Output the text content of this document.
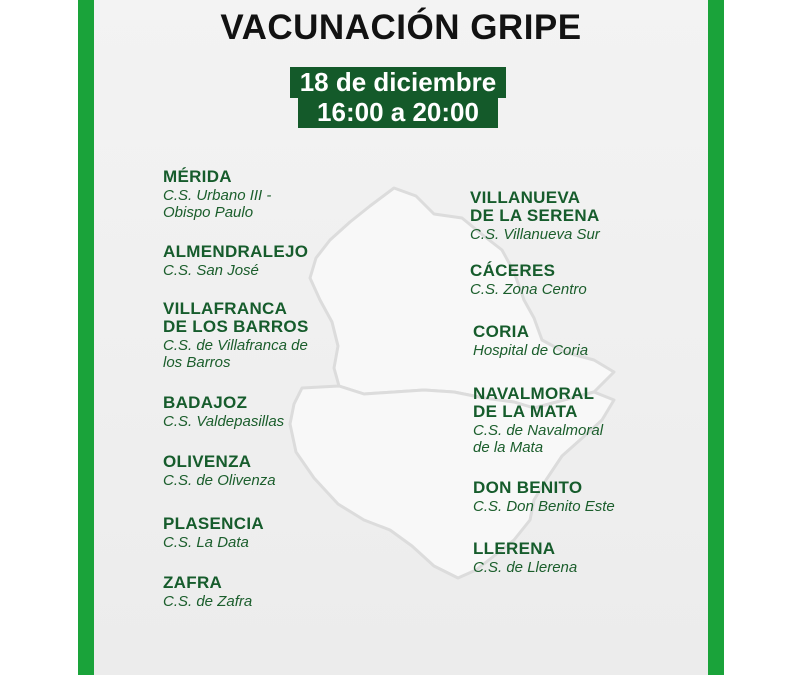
VACUNACIÓN GRIPE
18 de diciembre
16:00 a 20:00
MÉRIDA
C.S. Urbano III -
Obispo Paulo
ALMENDRALEJO
C.S. San José
VILLAFRANCA
DE LOS BARROS
C.S. de Villafranca de
los Barros
BADAJOZ
C.S. Valdepasillas
OLIVENZA
C.S. de Olivenza
PLASENCIA
C.S. La Data
ZAFRA
C.S. de Zafra
VILLANUEVA
DE LA SERENA
C.S. Villanueva Sur
CÁCERES
C.S. Zona Centro
CORIA
Hospital de Coria
NAVALMORAL
DE LA MATA
C.S. de Navalmoral
de la Mata
DON BENITO
C.S. Don Benito Este
LLERENA
C.S. de Llerena
